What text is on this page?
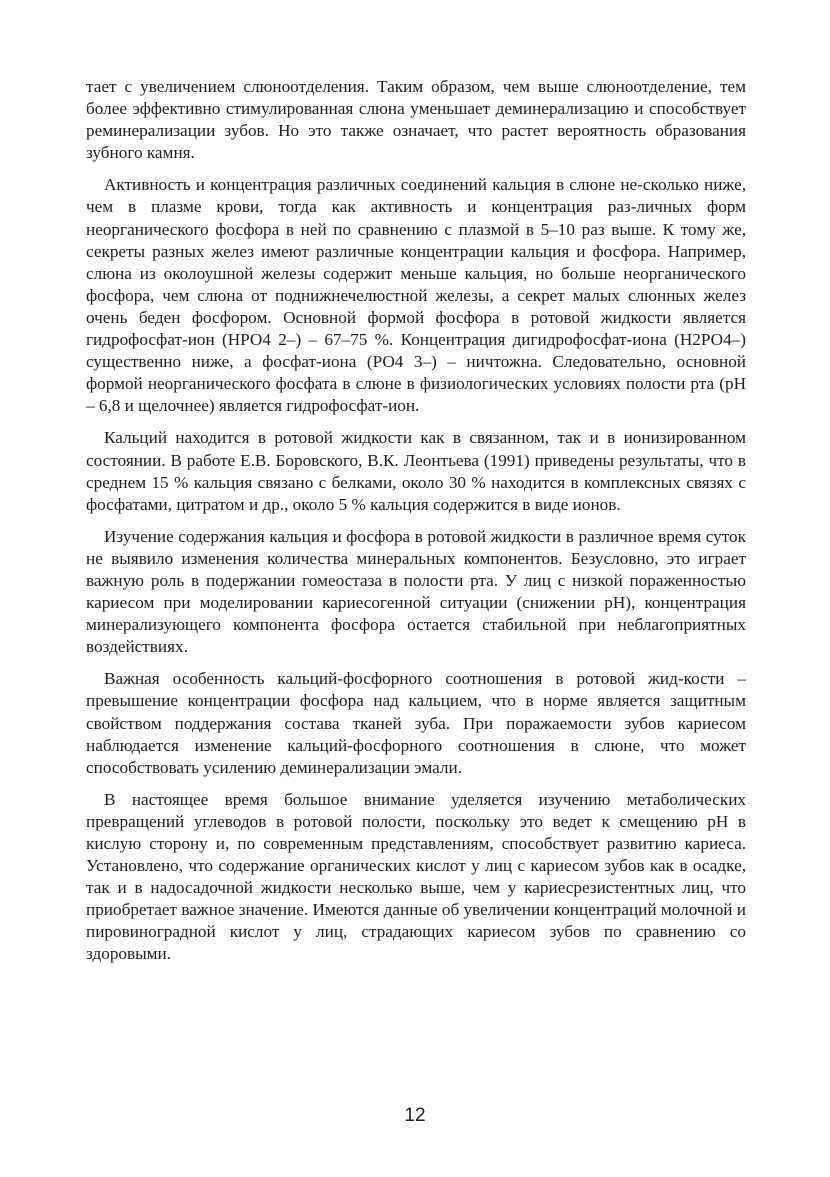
тает с увеличением слюноотделения. Таким образом, чем выше слюноотделение, тем более эффективно стимулированная слюна уменьшает деминерализацию и способствует реминерализации зубов. Но это также означает, что растет вероятность образования зубного камня.

Активность и концентрация различных соединений кальция в слюне не-сколько ниже, чем в плазме крови, тогда как активность и концентрация раз-личных форм неорганического фосфора в ней по сравнению с плазмой в 5–10 раз выше. К тому же, секреты разных желез имеют различные концентрации кальция и фосфора. Например, слюна из околоушной железы содержит меньше кальция, но больше неорганического фосфора, чем слюна от поднижнечелюстной железы, а секрет малых слюнных желез очень беден фосфором. Основной формой фосфора в ротовой жидкости является гидрофосфат-ион (НРО4 2–) – 67–75 %. Концентрация дигидрофосфат-иона (Н2РО4–) существенно ниже, а фосфат-иона (РО4 3–) – ничтожна. Следовательно, основной формой неорганического фосфата в слюне в физиологических условиях полости рта (рН – 6,8 и щелочнее) является гидрофосфат-ион.

Кальций находится в ротовой жидкости как в связанном, так и в ионизированном состоянии. В работе Е.В. Боровского, В.К. Леонтьева (1991) приведены результаты, что в среднем 15 % кальция связано с белками, около 30 % находится в комплексных связях с фосфатами, цитратом и др., около 5 % кальция содержится в виде ионов.

Изучение содержания кальция и фосфора в ротовой жидкости в различное время суток не выявило изменения количества минеральных компонентов. Безусловно, это играет важную роль в подержании гомеостаза в полости рта. У лиц с низкой пораженностью кариесом при моделировании кариесогенной ситуации (снижении рН), концентрация минерализующего компонента фосфора остается стабильной при неблагоприятных воздействиях.

Важная особенность кальций-фосфорного соотношения в ротовой жид-кости – превышение концентрации фосфора над кальцием, что в норме является защитным свойством поддержания состава тканей зуба. При поражаемости зубов кариесом наблюдается изменение кальций-фосфорного соотношения в слюне, что может способствовать усилению деминерализации эмали.

В настоящее время большое внимание уделяется изучению метаболических превращений углеводов в ротовой полости, поскольку это ведет к смещению рН в кислую сторону и, по современным представлениям, способствует развитию кариеса. Установлено, что содержание органических кислот у лиц с кариесом зубов как в осадке, так и в надосадочной жидкости несколько выше, чем у кариесрезистентных лиц, что приобретает важное значение. Имеются данные об увеличении концентраций молочной и пировиноградной кислот у лиц, страдающих кариесом зубов по сравнению со здоровыми.

12
